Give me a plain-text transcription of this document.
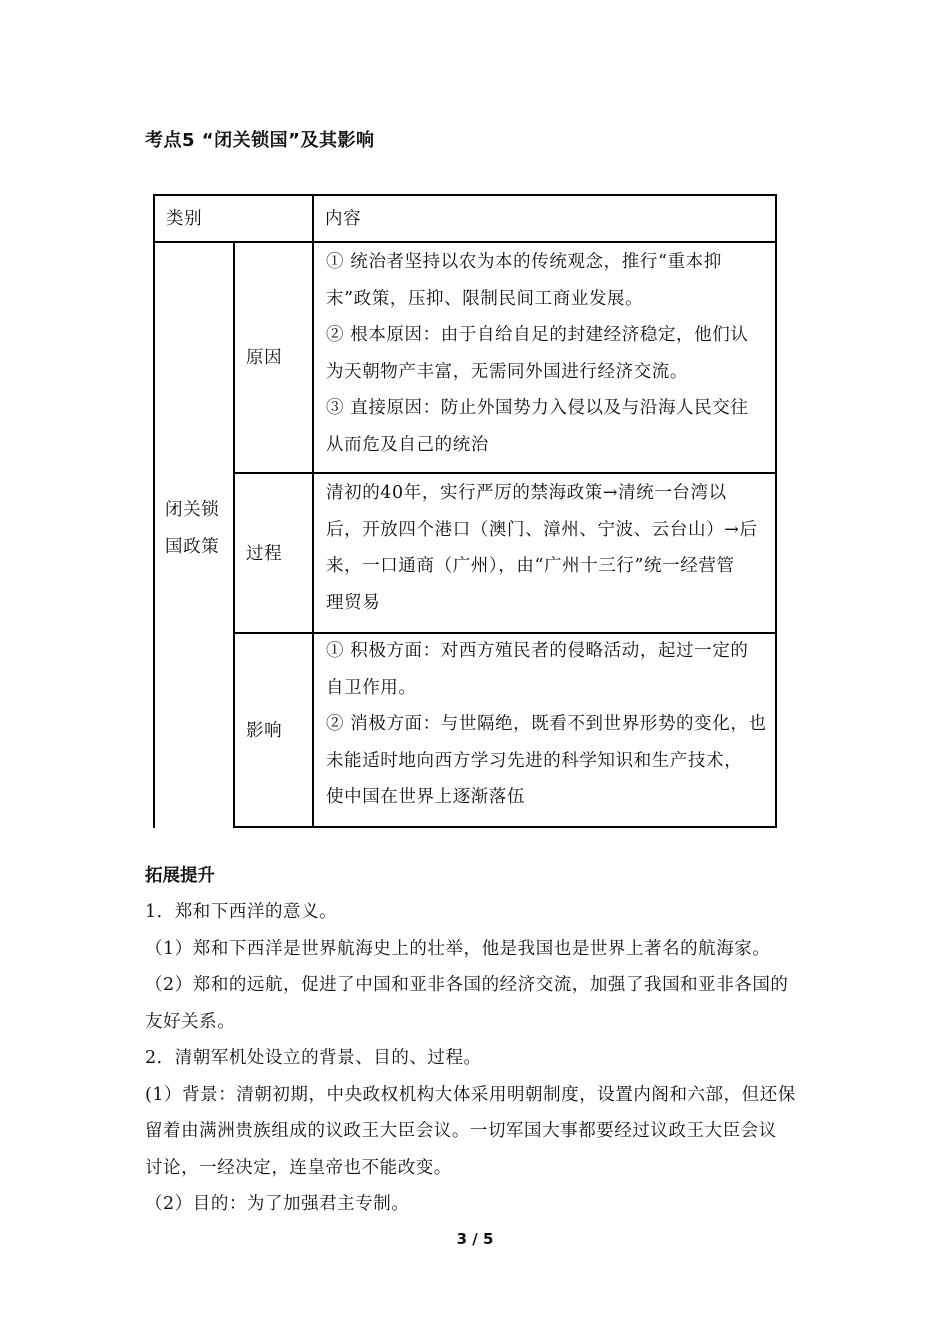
考点5 “闭关锁国”及其影响
类别	内容
闭关锁
国政策
原因
① 统治者坚持以农为本的传统观念，推行“重本抑
末”政策，压抑、限制民间工商业发展。
② 根本原因：由于自给自足的封建经济稳定，他们认
为天朝物产丰富，无需同外国进行经济交流。
③ 直接原因：防止外国势力入侵以及与沿海人民交往
从而危及自己的统治
过程
清初的40年，实行严厉的禁海政策→清统一台湾以
后，开放四个港口（澳门、漳州、宁波、云台山）→后
来，一口通商（广州），由“广州十三行”统一经营管
理贸易
影响
① 积极方面：对西方殖民者的侵略活动，起过一定的
自卫作用。
② 消极方面：与世隔绝，既看不到世界形势的变化，也
未能适时地向西方学习先进的科学知识和生产技术，
使中国在世界上逐渐落伍
拓展提升
1．郑和下西洋的意义。
（1）郑和下西洋是世界航海史上的壮举，他是我国也是世界上著名的航海家。
（2）郑和的远航，促进了中国和亚非各国的经济交流，加强了我国和亚非各国的
友好关系。
2．清朝军机处设立的背景、目的、过程。
(1）背景：清朝初期，中央政权机构大体采用明朝制度，设置内阁和六部，但还保
留着由满洲贵族组成的议政王大臣会议。一切军国大事都要经过议政王大臣会议
讨论，一经决定，连皇帝也不能改变。
（2）目的：为了加强君主专制。
3 / 5
